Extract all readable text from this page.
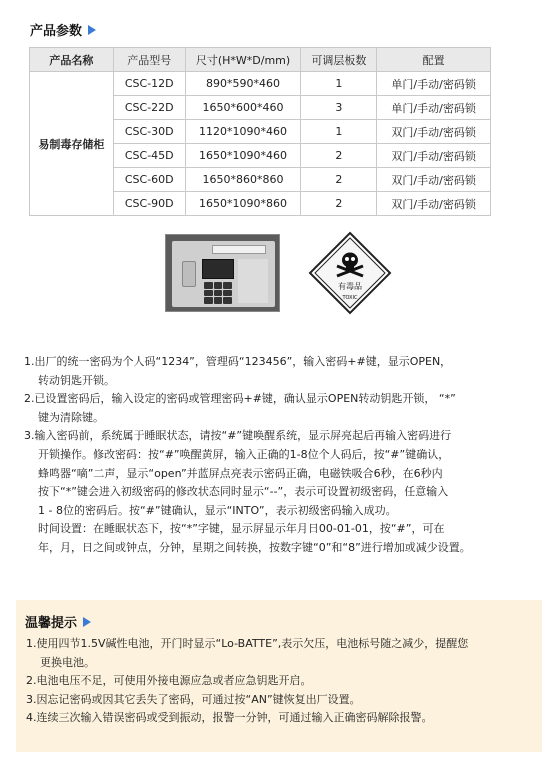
产品参数
产品名称	产品型号	尺寸(H*W*D/mm)	可调层板数	配置
易制毒存储柜	CSC-12D	890*590*460	1	单门/手动/密码锁
	CSC-22D	1650*600*460	3	单门/手动/密码锁
	CSC-30D	1120*1090*460	1	双门/手动/密码锁
	CSC-45D	1650*1090*460	2	双门/手动/密码锁
	CSC-60D	1650*860*860	2	双门/手动/密码锁
	CSC-90D	1650*1090*860	2	双门/手动/密码锁
有毒品
TOXIC
1.出厂的统一密码为个人码“1234”，管理码“123456”，输入密码+#键，显示OPEN，
转动钥匙开锁。
2.已设置密码后，输入设定的密码或管理密码+#键，确认显示OPEN转动钥匙开锁， “*”
键为清除键。
3.输入密码前，系统属于睡眠状态，请按“#”键唤醒系统，显示屏亮起后再输入密码进行
开锁操作。修改密码：按“#”唤醒黄屏，输入正确的1-8位个人码后，按“#”键确认，
蜂鸣器“嘀”二声，显示“open”并蓝屏点亮表示密码正确，电磁铁吸合6秒，在6秒内
按下“*”键会进入初级密码的修改状态同时显示“--”，表示可设置初级密码，任意输入
1 - 8位的密码后。按“#”键确认，显示“INTO”，表示初级密码输入成功。
时间设置：在睡眠状态下，按“*”字键，显示屏显示年月日00-01-01，按“#”，可在
年，月，日之间或钟点，分钟，星期之间转换，按数字键“0”和“8”进行增加或减少设置。
温馨提示
1.使用四节1.5V碱性电池，开门时显示“Lo-BATTE”,表示欠压，电池标号随之减少，提醒您
更换电池。
2.电池电压不足，可使用外接电源应急或者应急钥匙开启。
3.因忘记密码或因其它丢失了密码，可通过按“AN”键恢复出厂设置。
4.连续三次输入错误密码或受到振动，报警一分钟，可通过输入正确密码解除报警。
